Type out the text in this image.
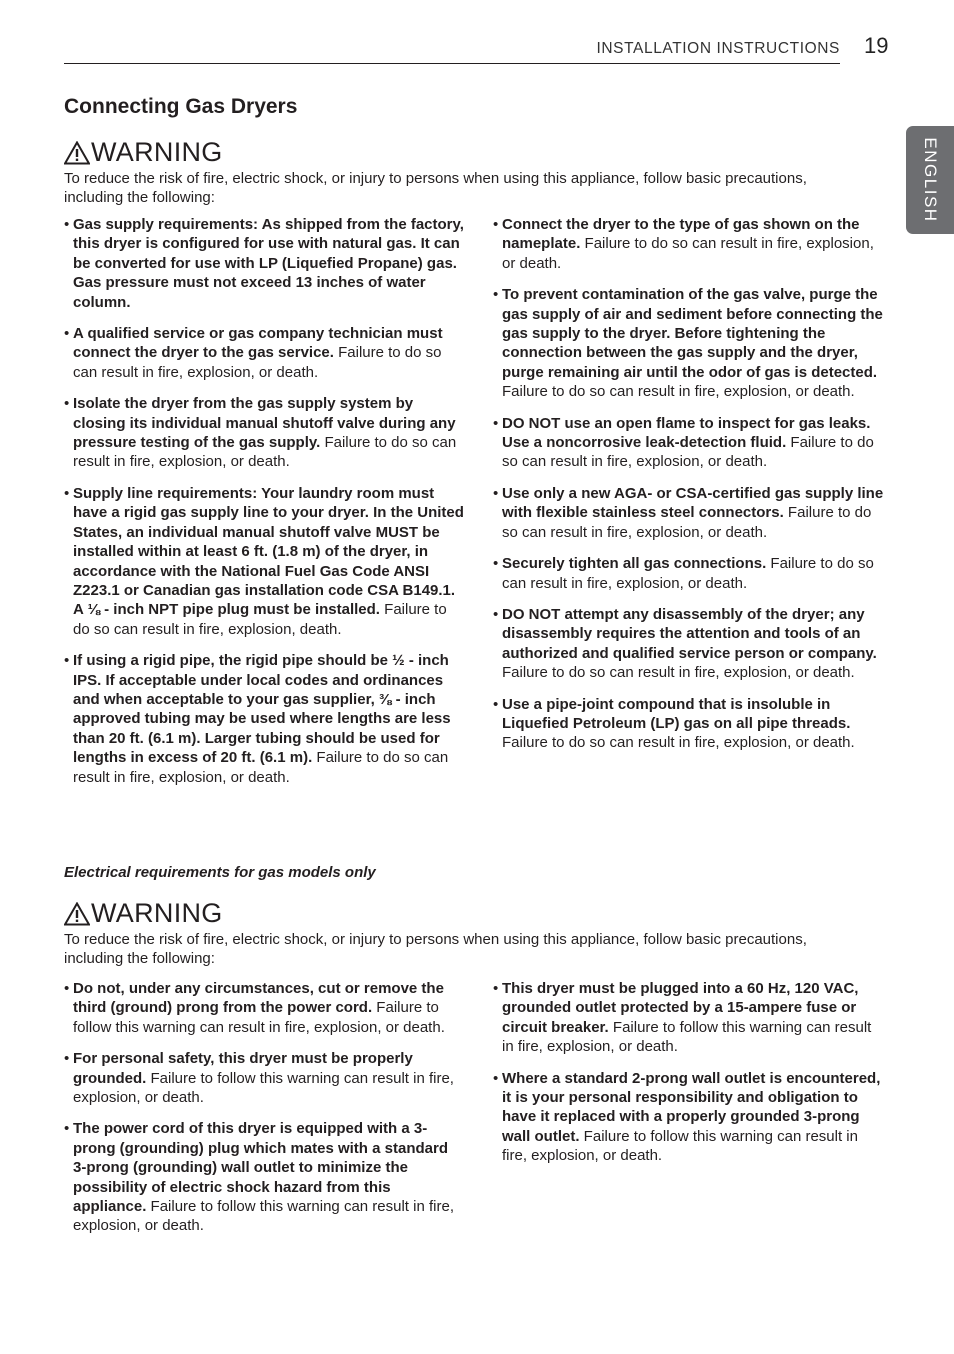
INSTALLATION INSTRUCTIONS 19
ENGLISH
Connecting Gas Dryers
WARNING

To reduce the risk of fire, electric shock, or injury to persons when using this appliance, follow basic precautions, including the following:

• Gas supply requirements: As shipped from the factory, this dryer is configured for use with natural gas. It can be converted for use with LP (Liquefied Propane) gas. Gas pressure must not exceed 13 inches of water column.
• A qualified service or gas company technician must connect the dryer to the gas service. Failure to do so can result in fire, explosion, or death.
• Isolate the dryer from the gas supply system by closing its individual manual shutoff valve during any pressure testing of the gas supply. Failure to do so can result in fire, explosion, or death.
• Supply line requirements: Your laundry room must have a rigid gas supply line to your dryer. In the United States, an individual manual shutoff valve MUST be installed within at least 6 ft. (1.8 m) of the dryer, in accordance with the National Fuel Gas Code ANSI Z223.1 or Canadian gas installation code CSA B149.1. A ⅛ - inch NPT pipe plug must be installed. Failure to do so can result in fire, explosion, death.
• If using a rigid pipe, the rigid pipe should be ½ - inch IPS. If acceptable under local codes and ordinances and when acceptable to your gas supplier, ⅜ - inch approved tubing may be used where lengths are less than 20 ft. (6.1 m). Larger tubing should be used for lengths in excess of 20 ft. (6.1 m). Failure to do so can result in fire, explosion, or death.
• Connect the dryer to the type of gas shown on the nameplate. Failure to do so can result in fire, explosion, or death.
• To prevent contamination of the gas valve, purge the gas supply of air and sediment before connecting the gas supply to the dryer. Before tightening the connection between the gas supply and the dryer, purge remaining air until the odor of gas is detected. Failure to do so can result in fire, explosion, or death.
• DO NOT use an open flame to inspect for gas leaks. Use a noncorrosive leak-detection fluid. Failure to do so can result in fire, explosion, or death.
• Use only a new AGA- or CSA-certified gas supply line with flexible stainless steel connectors. Failure to do so can result in fire, explosion, or death.
• Securely tighten all gas connections. Failure to do so can result in fire, explosion, or death.
• DO NOT attempt any disassembly of the dryer; any disassembly requires the attention and tools of an authorized and qualified service person or company. Failure to do so can result in fire, explosion, or death.
• Use a pipe-joint compound that is insoluble in Liquefied Petroleum (LP) gas on all pipe threads. Failure to do so can result in fire, explosion, or death.

Electrical requirements for gas models only

WARNING

To reduce the risk of fire, electric shock, or injury to persons when using this appliance, follow basic precautions, including the following:

• Do not, under any circumstances, cut or remove the third (ground) prong from the power cord. Failure to follow this warning can result in fire, explosion, or death.
• For personal safety, this dryer must be properly grounded. Failure to follow this warning can result in fire, explosion, or death.
• The power cord of this dryer is equipped with a 3-prong (grounding) plug which mates with a standard 3-prong (grounding) wall outlet to minimize the possibility of electric shock hazard from this appliance. Failure to follow this warning can result in fire, explosion, or death.
• This dryer must be plugged into a 60 Hz, 120 VAC, grounded outlet protected by a 15-ampere fuse or circuit breaker. Failure to follow this warning can result in fire, explosion, or death.
• Where a standard 2-prong wall outlet is encountered, it is your personal responsibility and obligation to have it replaced with a properly grounded 3-prong wall outlet. Failure to follow this warning can result in fire, explosion, or death.
